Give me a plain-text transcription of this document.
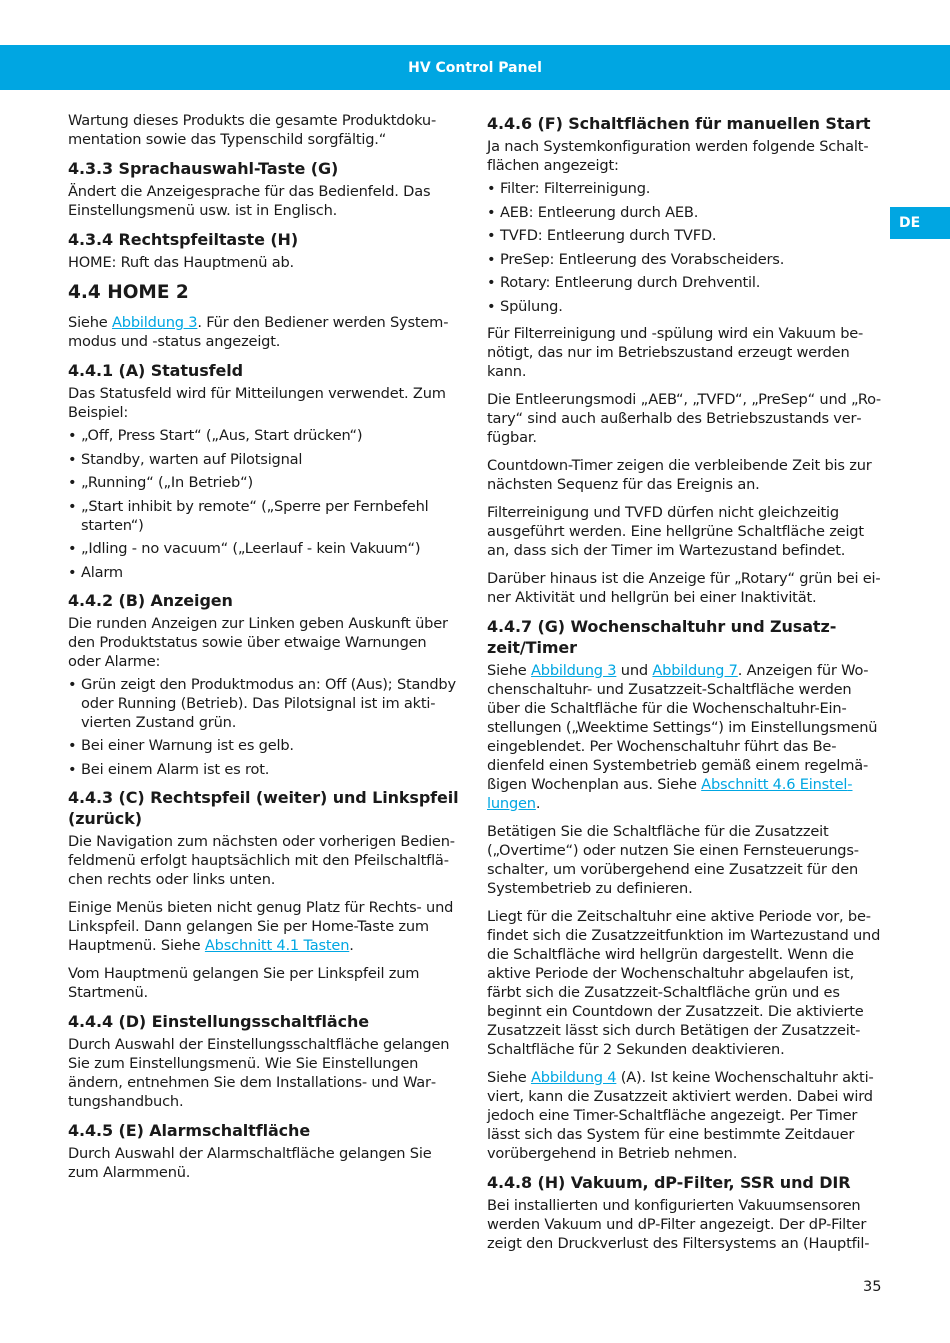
HV Control Panel
DE

Wartung dieses Produkts die gesamte Produktdokumentation sowie das Typenschild sorgfältig.“

4.3.3 Sprachauswahl-Taste (G)

Ändert die Anzeigesprache für das Bedienfeld. Das Einstellungsmenü usw. ist in Englisch.

4.3.4 Rechtspfeiltaste (H)

HOME: Ruft das Hauptmenü ab.

4.4 HOME 2

Siehe Abbildung 3. Für den Bediener werden Systemmodus und -status angezeigt.

4.4.1 (A) Statusfeld

Das Statusfeld wird für Mitteilungen verwendet. Zum Beispiel:

• „Off, Press Start“ („Aus, Start drücken“)
• Standby, warten auf Pilotsignal
• „Running“ („In Betrieb“)
• „Start inhibit by remote“ („Sperre per Fernbefehl starten“)
• „Idling - no vacuum“ („Leerlauf - kein Vakuum“)
• Alarm
4.4.2 (B) Anzeigen

Die runden Anzeigen zur Linken geben Auskunft über den Produktstatus sowie über etwaige Warnungen oder Alarme:

• Grün zeigt den Produktmodus an: Off (Aus); Standby oder Running (Betrieb). Das Pilotsignal ist im aktivierten Zustand grün.
• Bei einer Warnung ist es gelb.
• Bei einem Alarm ist es rot.
4.4.3 (C) Rechtspfeil (weiter) und Linkspfeil (zurück)

Die Navigation zum nächsten oder vorherigen Bedienfeldmenü erfolgt hauptsächlich mit den Pfeilschaltflächen rechts oder links unten.

Einige Menüs bieten nicht genug Platz für Rechts- und Linkspfeil. Dann gelangen Sie per Home-Taste zum Hauptmenü. Siehe Abschnitt 4.1 Tasten.

Vom Hauptmenü gelangen Sie per Linkspfeil zum Startmenü.

4.4.4 (D) Einstellungsschaltfläche

Durch Auswahl der Einstellungsschaltfläche gelangen Sie zum Einstellungsmenü. Wie Sie Einstellungen ändern, entnehmen Sie dem Installations- und Wartungshandbuch.

4.4.5 (E) Alarmschaltfläche

Durch Auswahl der Alarmschaltfläche gelangen Sie zum Alarmmenü.

4.4.6 (F) Schaltflächen für manuellen Start

Ja nach Systemkonfiguration werden folgende Schaltflächen angezeigt:

• Filter: Filterreinigung.
• AEB: Entleerung durch AEB.
• TVFD: Entleerung durch TVFD.
• PreSep: Entleerung des Vorabscheiders.
• Rotary: Entleerung durch Drehventil.
• Spülung.

Für Filterreinigung und -spülung wird ein Vakuum benötigt, das nur im Betriebszustand erzeugt werden kann.

Die Entleerungsmodi „AEB“, „TVFD“, „PreSep“ und „Rotary“ sind auch außerhalb des Betriebszustands verfügbar.

Countdown-Timer zeigen die verbleibende Zeit bis zur nächsten Sequenz für das Ereignis an.

Filterreinigung und TVFD dürfen nicht gleichzeitig ausgeführt werden. Eine hellgrüne Schaltfläche zeigt an, dass sich der Timer im Wartezustand befindet.

Darüber hinaus ist die Anzeige für „Rotary“ grün bei einer Aktivität und hellgrün bei einer Inaktivität.

4.4.7 (G) Wochenschaltuhr und Zusatzzeit/Timer

Siehe Abbildung 3 und Abbildung 7. Anzeigen für Wochenschaltuhr- und Zusatzzeit-Schaltfläche werden über die Schaltfläche für die Wochenschaltuhr-Einstellungen („Weektime Settings“) im Einstellungsmenü eingeblendet. Per Wochenschaltuhr führt das Bedienfeld einen Systembetrieb gemäß einem regelmäßigen Wochenplan aus. Siehe Abschnitt 4.6 Einstellungen.

Betätigen Sie die Schaltfläche für die Zusatzzeit („Overtime“) oder nutzen Sie einen Fernsteuerungsschalter, um vorübergehend eine Zusatzzeit für den Systembetrieb zu definieren.

Liegt für die Zeitschaltuhr eine aktive Periode vor, befindet sich die Zusatzzeitfunktion im Wartezustand und die Schaltfläche wird hellgrün dargestellt. Wenn die aktive Periode der Wochenschaltuhr abgelaufen ist, färbt sich die Zusatzzeit-Schaltfläche grün und es beginnt ein Countdown der Zusatzzeit. Die aktivierte Zusatzzeit lässt sich durch Betätigen der Zusatzzeit-Schaltfläche für 2 Sekunden deaktivieren.

Siehe Abbildung 4 (A). Ist keine Wochenschaltuhr aktiviert, kann die Zusatzzeit aktiviert werden. Dabei wird jedoch eine Timer-Schaltfläche angezeigt. Per Timer lässt sich das System für eine bestimmte Zeitdauer vorübergehend in Betrieb nehmen.

4.4.8 (H) Vakuum, dP-Filter, SSR und DIR

Bei installierten und konfigurierten Vakuumsensoren werden Vakuum und dP-Filter angezeigt. Der dP-Filter zeigt den Druckverlust des Filtersystems an (Hauptfil-

35
